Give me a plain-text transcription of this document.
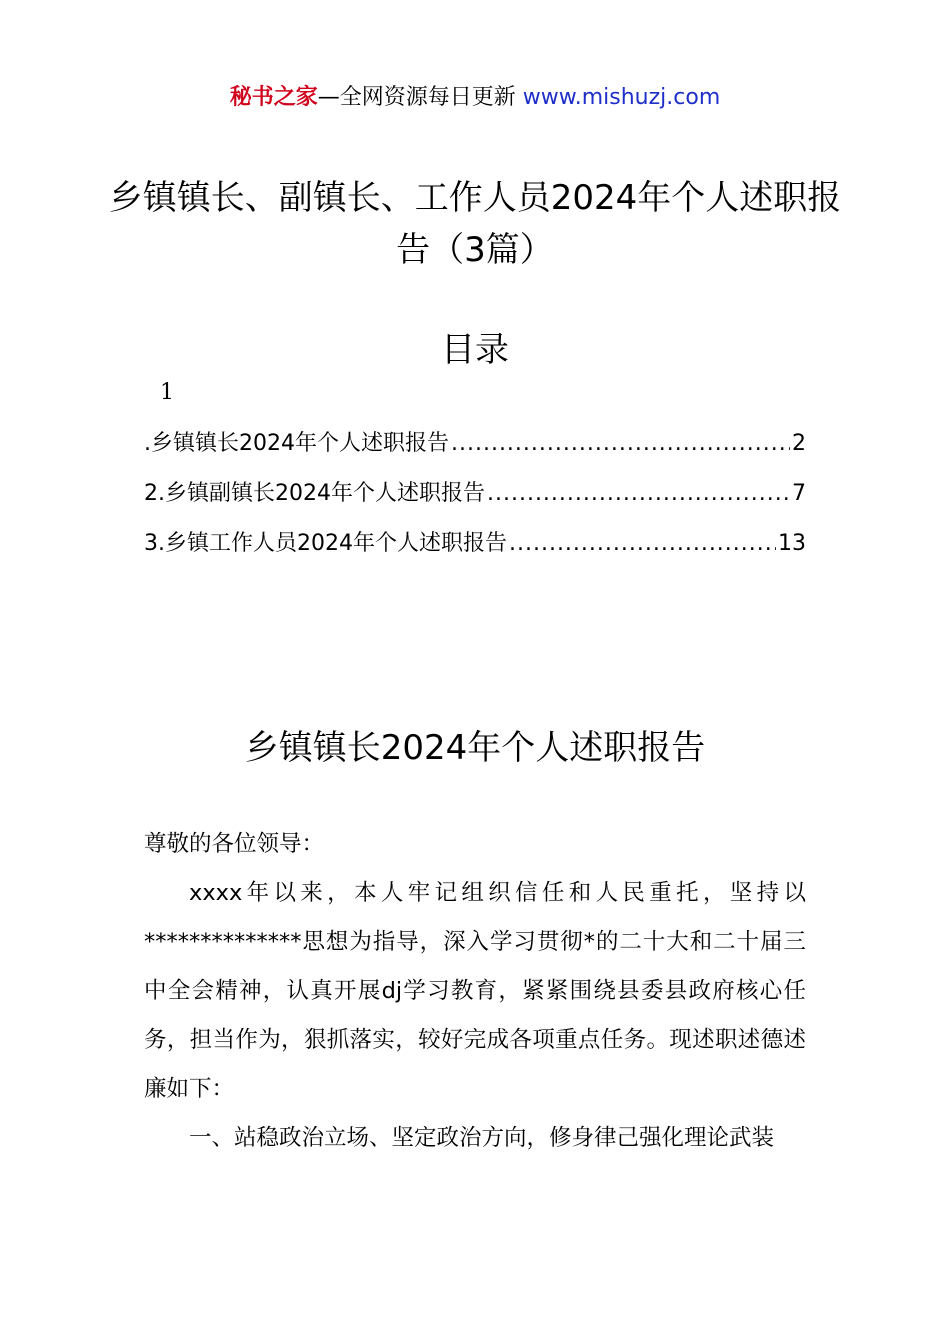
秘书之家—全网资源每日更新 www.mishuzj.com
乡镇镇长、副镇长、工作人员2024年个人述职报告（3篇）
目录
1
.乡镇镇长2024年个人述职报告 .....	2
2.乡镇副镇长2024年个人述职报告 .....	7
3.乡镇工作人员2024年个人述职报告 .....	13
乡镇镇长2024年个人述职报告

尊敬的各位领导：

xxxx年以来，本人牢记组织信任和人民重托，坚持以**************思想为指导，深入学习贯彻*的二十大和二十届三中全会精神，认真开展dj学习教育，紧紧围绕县委县政府核心任务，担当作为，狠抓落实，较好完成各项重点任务。现述职述德述廉如下：

一、站稳政治立场、坚定政治方向，修身律己强化理论武装
